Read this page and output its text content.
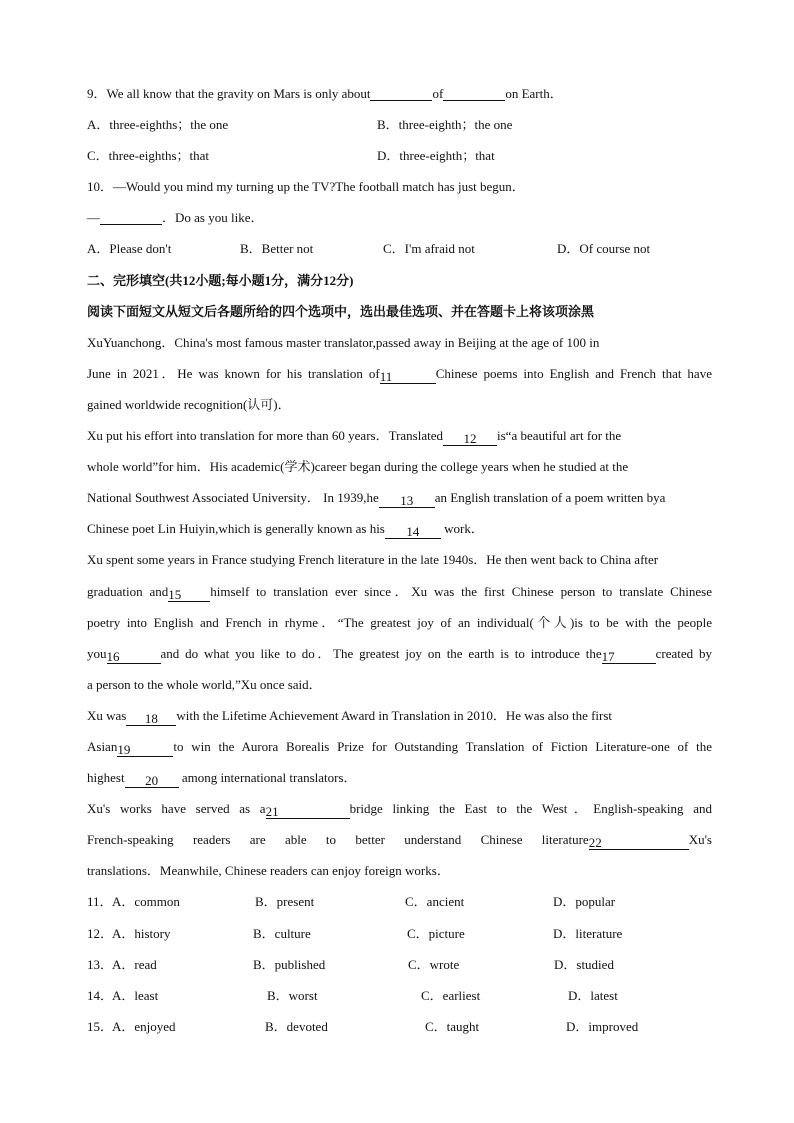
9．We all know that the gravity on Mars is only about	of	on Earth．
A．three-eighths；the one	B．three-eighth；the one
C．three-eighths；that	D．three-eighth；that
10．—Would you mind my turning up the TV?The football match has just begun．
—	．Do as you like．
A．Please don't	B．Better not	C．I'm afraid not	D．Of course not
二、完形填空(共12小题;每小题1分，满分12分)
阅读下面短文从短文后各题所给的四个选项中，选出最佳选项、并在答题卡上将该项涂黑
XuYuanchong．China's most famous master translator,passed away in Beijing at the age of 100 in
June in 2021．He was known for his translation of11	Chinese poems into English and French that have
gained worldwide recognition(认可)．
Xu put his effort into translation for more than 60 years．Translated 12 is“a beautiful art for the
whole world”for him．His academic(学术)career began during the college years when he studied at the
National Southwest Associated University． In 1939,he 13 an English translation of a poem written bya
Chinese poet Lin Huiyin,which is generally known as his 14 work．
Xu spent some years in France studying French literature in the late 1940s．He then went back to China after
graduation and15 himself to translation ever since．Xu was the first Chinese person to translate Chinese
poetry into English and French in rhyme．“The greatest joy of an individual(个人)is to be with the people
you16	and do what you like to do．The greatest joy on the earth is to introduce the17	created by
a person to the whole world,”Xu once said．
Xu was 18 with the Lifetime Achievement Award in Translation in 2010．He was also the first
Asian19	to win the Aurora Borealis Prize for Outstanding Translation of Fiction Literature-one of the
highest 20 among international translators．
Xu's works have served as a21	bridge linking the East to the West．English-speaking and
French-speaking readers are able to better understand Chinese literature22	Xu's
translations．Meanwhile, Chinese readers can enjoy foreign works．
11． A．common	B．present	C．ancient	D．popular
12．
A．history	B．culture	C．picture	D．literature
13．
A．read	B．published	C．wrote	D．studied
14．
A．least	B．worst	C．earliest	D．latest
15．
A．enjoyed	B．devoted	C．taught	D．improved
